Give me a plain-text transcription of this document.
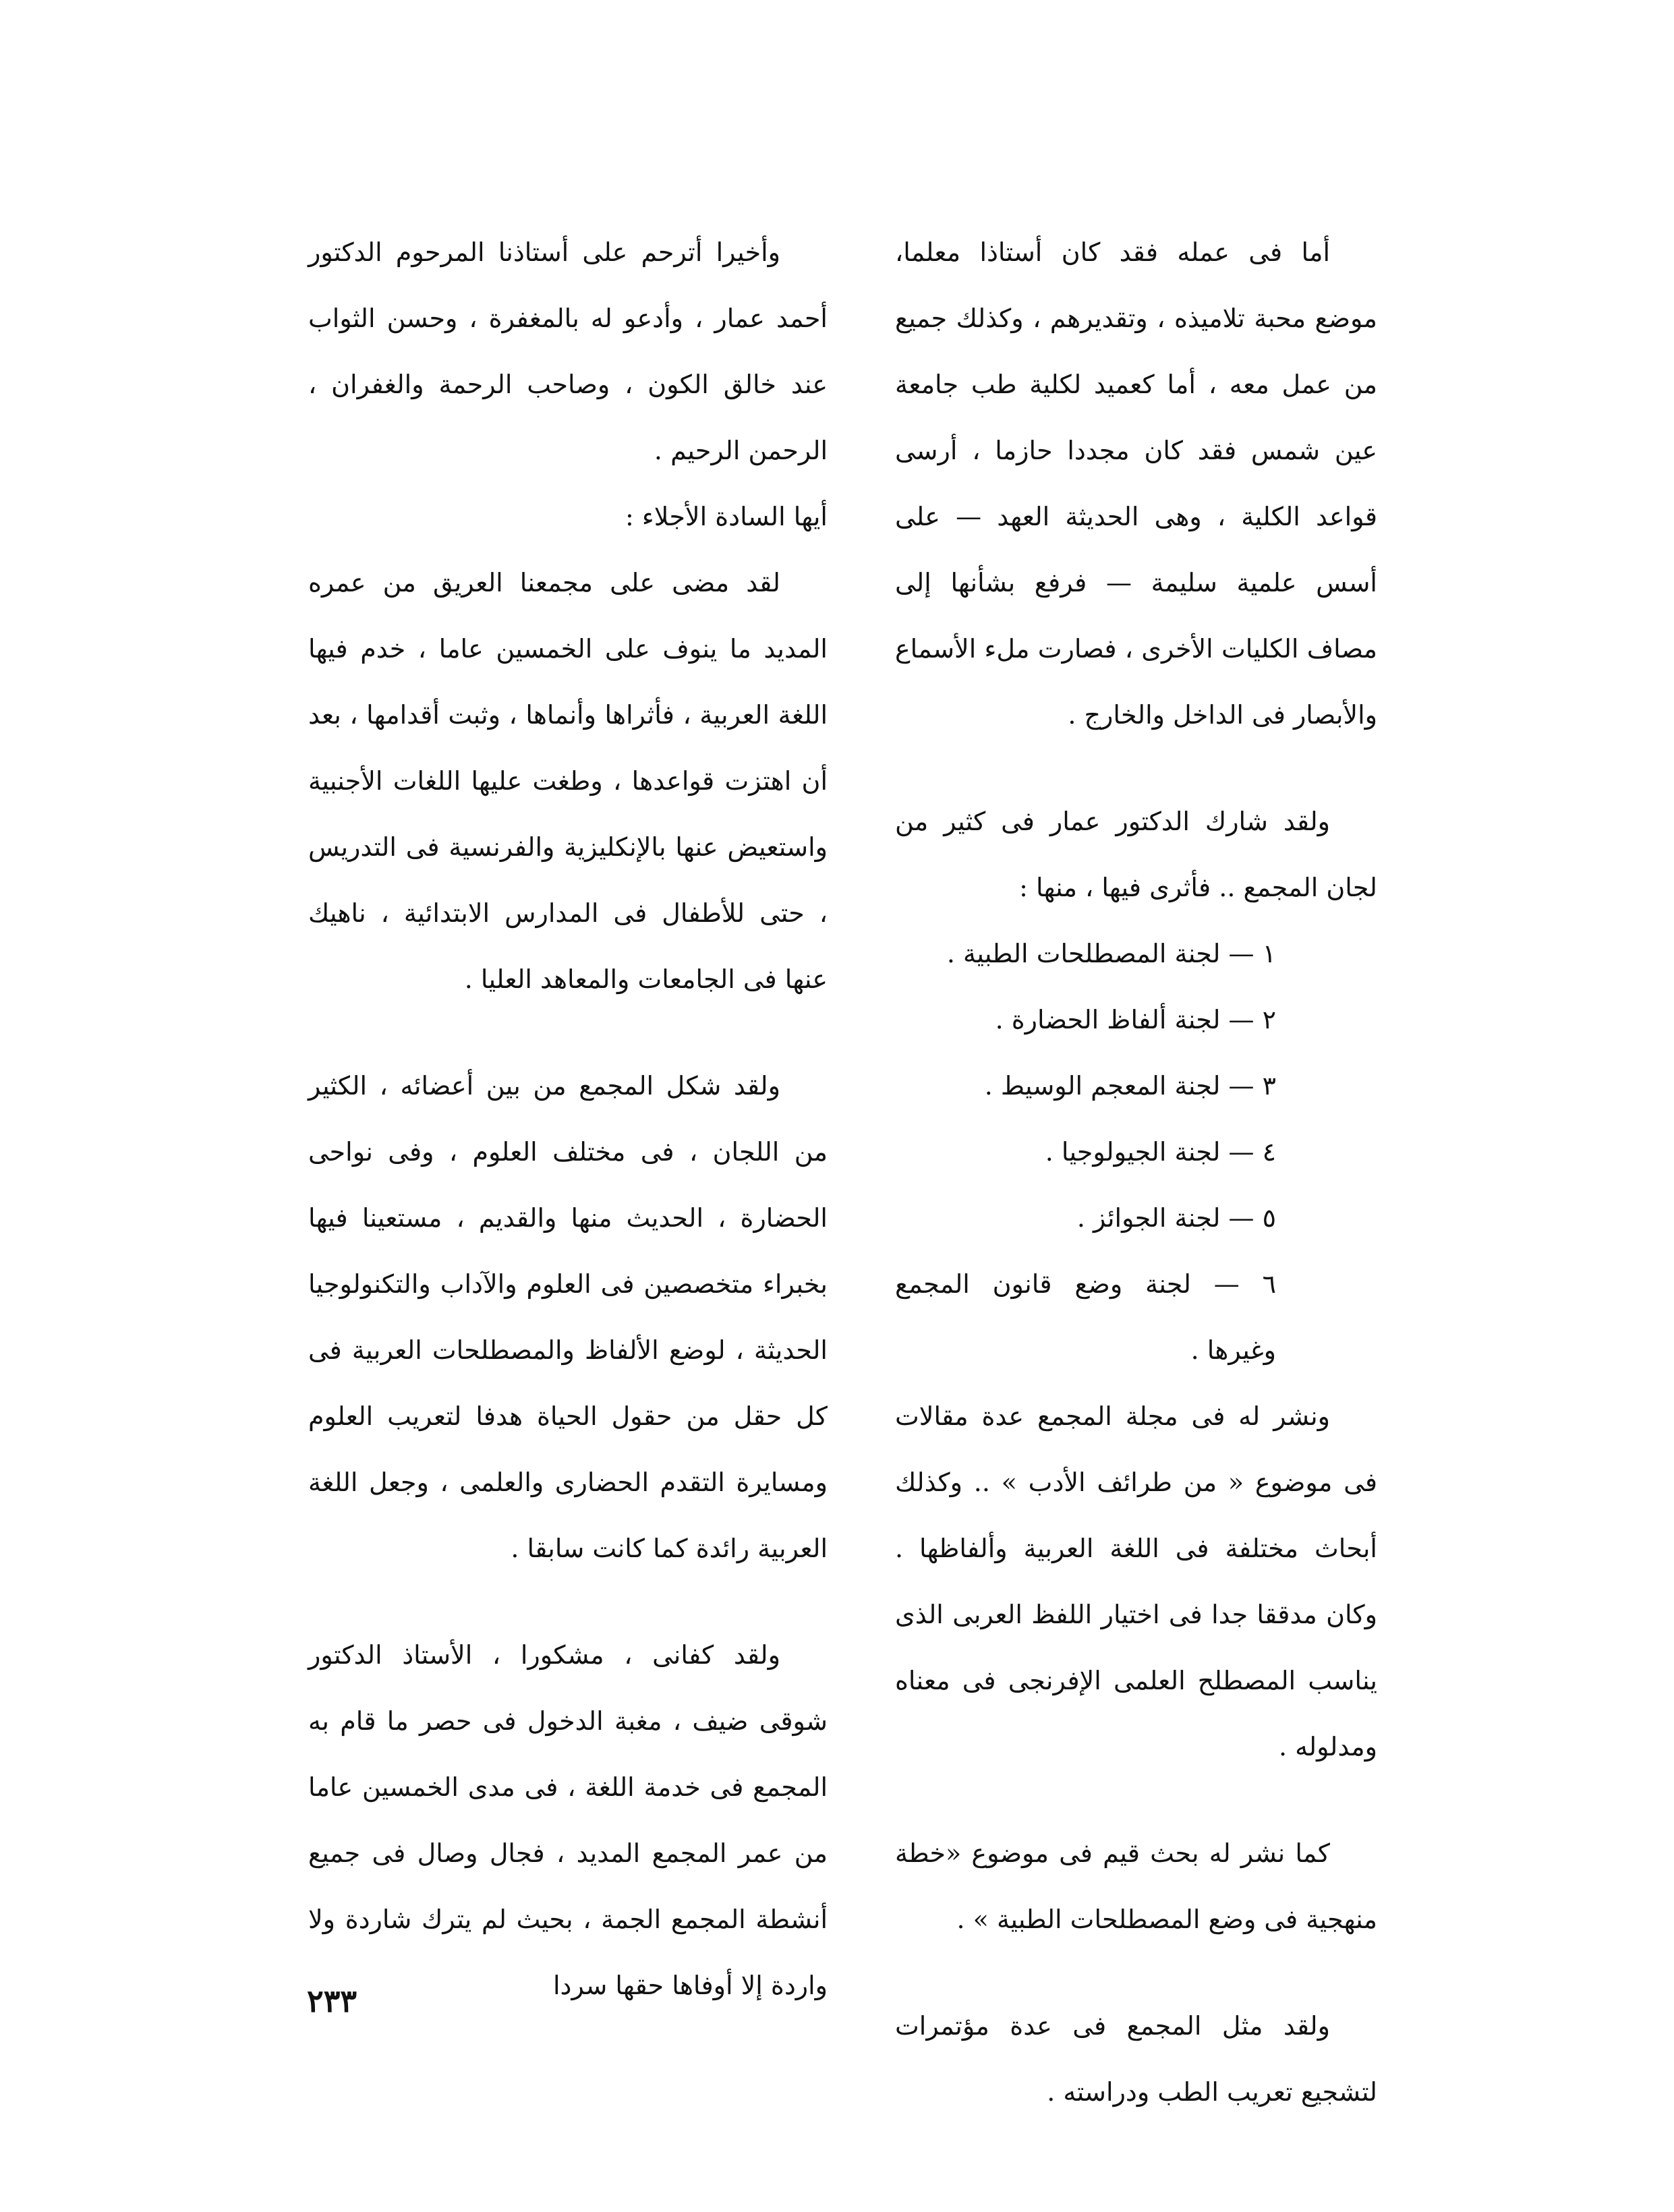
أما فى عمله فقد كان أستاذا معلما، موضع محبة تلاميذه ، وتقديرهم ، وكذلك جميع من عمل معه ، أما كعميد لكلية طب جامعة عين شمس فقد كان مجددا حازما ، أرسى قواعد الكلية ، وهى الحديثة العهد — على أسس علمية سليمة — فرفع بشأنها إلى مصاف الكليات الأخرى ، فصارت ملء الأسماع والأبصار فى الداخل والخارج .

ولقد شارك الدكتور عمار فى كثير من لجان المجمع .. فأثرى فيها ، منها :

١ — لجنة المصطلحات الطبية .
٢ — لجنة ألفاظ الحضارة .
٣ — لجنة المعجم الوسيط .
٤ — لجنة الجيولوجيا .
٥ — لجنة الجوائز .
٦ — لجنة وضع قانون المجمع وغيرها .

ونشر له فى مجلة المجمع عدة مقالات فى موضوع « من طرائف الأدب » .. وكذلك أبحاث مختلفة فى اللغة العربية وألفاظها . وكان مدققا جدا فى اختيار اللفظ العربى الذى يناسب المصطلح العلمى الإفرنجى فى معناه ومدلوله .

كما نشر له بحث قيم فى موضوع «خطة منهجية فى وضع المصطلحات الطبية » .

ولقد مثل المجمع فى عدة مؤتمرات لتشجيع تعريب الطب ودراسته .

وأخيرا أترحم على أستاذنا المرحوم الدكتور أحمد عمار ، وأدعو له بالمغفرة ، وحسن الثواب عند خالق الكون ، وصاحب الرحمة والغفران ، الرحمن الرحيم .

أيها السادة الأجلاء :

لقد مضى على مجمعنا العريق من عمره المديد ما ينوف على الخمسين عاما ، خدم فيها اللغة العربية ، فأثراها وأنماها ، وثبت أقدامها ، بعد أن اهتزت قواعدها ، وطغت عليها اللغات الأجنبية واستعيض عنها بالإنكليزية والفرنسية فى التدريس ، حتى للأطفال فى المدارس الابتدائية ، ناهيك عنها فى الجامعات والمعاهد العليا .

ولقد شكل المجمع من بين أعضائه ، الكثير من اللجان ، فى مختلف العلوم ، وفى نواحى الحضارة ، الحديث منها والقديم ، مستعينا فيها بخبراء متخصصين فى العلوم والآداب والتكنولوجيا الحديثة ، لوضع الألفاظ والمصطلحات العربية فى كل حقل من حقول الحياة هدفا لتعريب العلوم ومسايرة التقدم الحضارى والعلمى ، وجعل اللغة العربية رائدة كما كانت سابقا .

ولقد كفانى ، مشكورا ، الأستاذ الدكتور شوقى ضيف ، مغبة الدخول فى حصر ما قام به المجمع فى خدمة اللغة ، فى مدى الخمسين عاما من عمر المجمع المديد ، فجال وصال فى جميع أنشطة المجمع الجمة ، بحيث لم يترك شاردة ولا واردة إلا أوفاها حقها سردا

٢٣٣
